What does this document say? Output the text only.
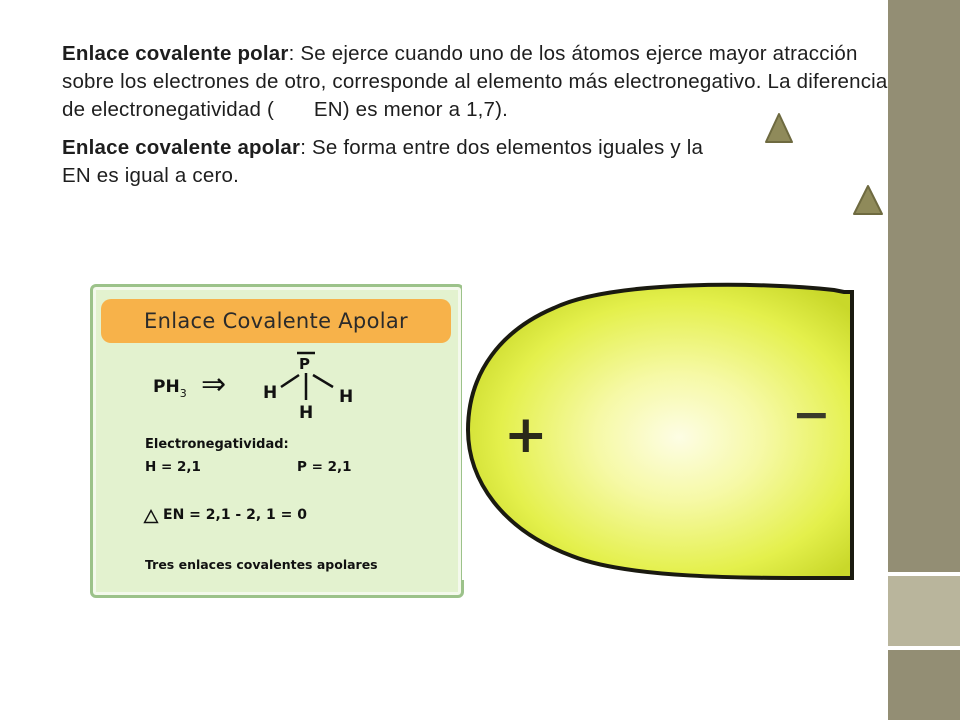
Enlace covalente polar: Se ejerce cuando uno de los átomos ejerce mayor atracción sobre los electrones de otro, corresponde al elemento más electronegativo. La diferencia de electronegatividad (  EN) es menor a 1,7).

Enlace covalente apolar: Se forma entre dos elementos iguales y la
EN es igual a cero.

Enlace Covalente Apolar
$PH_3$ ⇒
P
H	H
H
Electronegatividad:
H = 2,1	P = 2,1
EN = 2,1 - 2, 1 = 0
Tres enlaces covalentes apolares
+	−
